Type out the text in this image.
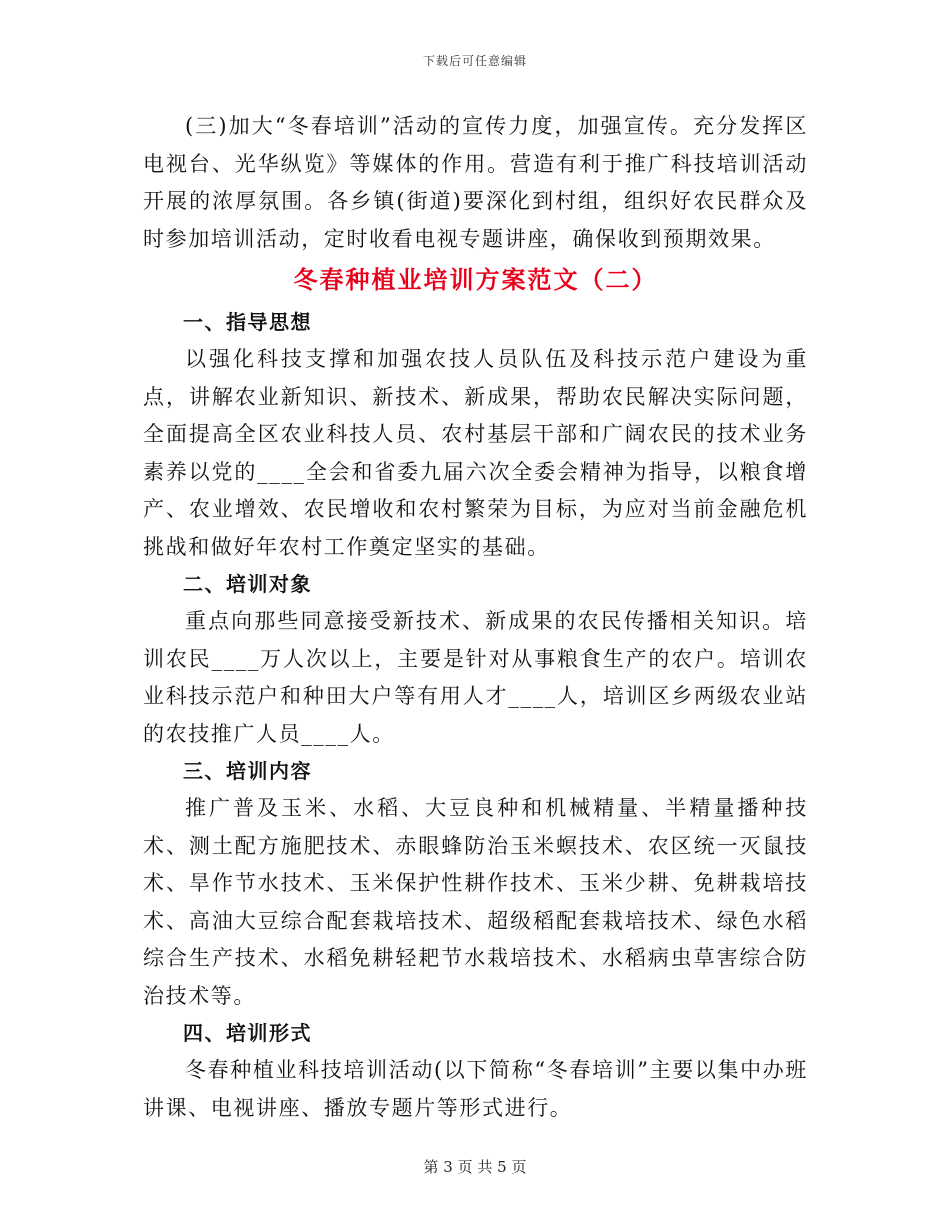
下载后可任意编辑

(三)加大“冬春培训”活动的宣传力度，加强宣传。充分发挥区电视台、光华纵览》等媒体的作用。营造有利于推广科技培训活动开展的浓厚氛围。各乡镇(街道)要深化到村组，组织好农民群众及时参加培训活动，定时收看电视专题讲座，确保收到预期效果。

冬春种植业培训方案范文（二）

一、指导思想

以强化科技支撑和加强农技人员队伍及科技示范户建设为重点，讲解农业新知识、新技术、新成果，帮助农民解决实际问题，全面提高全区农业科技人员、农村基层干部和广阔农民的技术业务素养以党的____全会和省委九届六次全委会精神为指导，以粮食增产、农业增效、农民增收和农村繁荣为目标，为应对当前金融危机挑战和做好年农村工作奠定坚实的基础。

二、培训对象

重点向那些同意接受新技术、新成果的农民传播相关知识。培训农民____万人次以上，主要是针对从事粮食生产的农户。培训农业科技示范户和种田大户等有用人才____人，培训区乡两级农业站的农技推广人员____人。

三、培训内容

推广普及玉米、水稻、大豆良种和机械精量、半精量播种技术、测土配方施肥技术、赤眼蜂防治玉米螟技术、农区统一灭鼠技术、旱作节水技术、玉米保护性耕作技术、玉米少耕、免耕栽培技术、高油大豆综合配套栽培技术、超级稻配套栽培技术、绿色水稻综合生产技术、水稻免耕轻耙节水栽培技术、水稻病虫草害综合防治技术等。

四、培训形式

冬春种植业科技培训活动(以下简称“冬春培训”主要以集中办班讲课、电视讲座、播放专题片等形式进行。

第 3 页 共 5 页
